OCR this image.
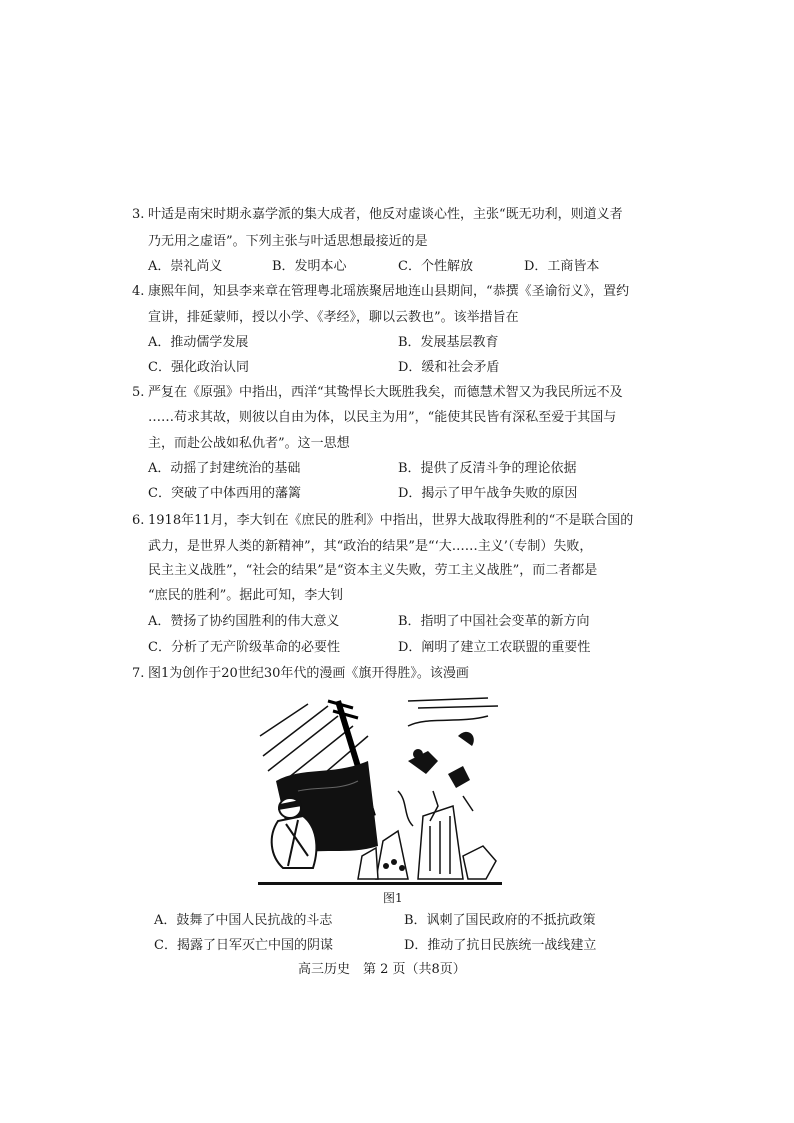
3. 叶适是南宋时期永嘉学派的集大成者，他反对虚谈心性，主张“既无功利，则道义者
乃无用之虚语”。下列主张与叶适思想最接近的是
A．崇礼尚义	B．发明本心	C．个性解放	D．工商皆本
4. 康熙年间，知县李来章在管理粤北瑶族聚居地连山县期间，“恭撰《圣谕衍义》，置约
宣讲，排延蒙师，授以小学、《孝经》，聊以云教也”。该举措旨在
A．推动儒学发展	B．发展基层教育
C．强化政治认同	D．缓和社会矛盾
5. 严复在《原强》中指出，西洋“其鸷悍长大既胜我矣，而德慧术智又为我民所远不及
……苟求其故，则彼以自由为体，以民主为用”，“能使其民皆有深私至爱于其国与
主，而赴公战如私仇者”。这一思想
A．动摇了封建统治的基础	B．提供了反清斗争的理论依据
C．突破了中体西用的藩篱	D．揭示了甲午战争失败的原因
6. 1918年11月，李大钊在《庶民的胜利》中指出，世界大战取得胜利的“不是联合国的
武力，是世界人类的新精神”，其“政治的结果”是“‘大……主义’（专制）失败，
民主主义战胜”，“社会的结果”是“资本主义失败，劳工主义战胜”，而二者都是
“庶民的胜利”。据此可知，李大钊
A．赞扬了协约国胜利的伟大意义	B．指明了中国社会变革的新方向
C．分析了无产阶级革命的必要性	D．阐明了建立工农联盟的重要性
7. 图1为创作于20世纪30年代的漫画《旗开得胜》。该漫画
图1
A．鼓舞了中国人民抗战的斗志	B．讽刺了国民政府的不抵抗政策
C．揭露了日军灭亡中国的阴谋	D．推动了抗日民族统一战线建立
高三历史　第 2 页（共8页）
